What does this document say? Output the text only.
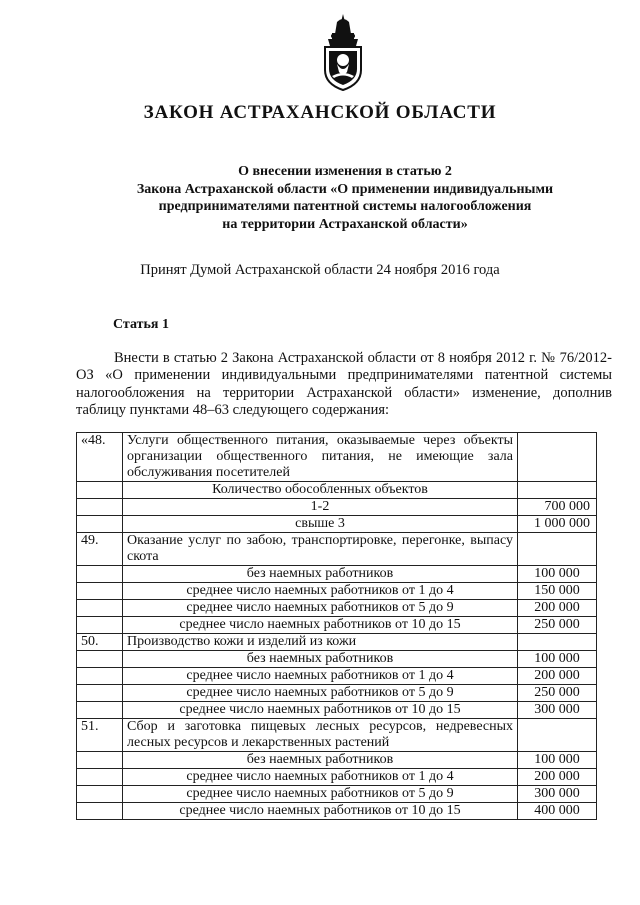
ЗАКОН АСТРАХАНСКОЙ ОБЛАСТИ
О внесении изменения в статью 2
Закона Астраханской области «О применении индивидуальными
предпринимателями патентной системы налогообложения
на территории Астраханской области»
Принят Думой Астраханской области 24 ноября 2016 года
Статья 1
Внести в статью 2 Закона Астраханской области от 8 ноября 2012 г. № 76/2012-ОЗ «О применении индивидуальными предпринимателями патентной системы налогообложения на территории Астраханской области» изменение, дополнив таблицу пунктами 48–63 следующего содержания:
«48.	Услуги общественного питания, оказываемые через объекты организации общественного питания, не имеющие зала обслуживания посетителей	
	Количество обособленных объектов	
	1-2	700 000
	свыше 3	1 000 000
49.	Оказание услуг по забою, транспортировке, перегонке, выпасу скота	
	без наемных работников	100 000
	среднее число наемных работников от 1 до 4	150 000
	среднее число наемных работников от 5 до 9	200 000
	среднее число наемных работников от 10 до 15	250 000
50.	Производство кожи и изделий из кожи	
	без наемных работников	100 000
	среднее число наемных работников от 1 до 4	200 000
	среднее число наемных работников от 5 до 9	250 000
	среднее число наемных работников от 10 до 15	300 000
51.	Сбор и заготовка пищевых лесных ресурсов, недревесных лесных ресурсов и лекарственных растений	
	без наемных работников	100 000
	среднее число наемных работников от 1 до 4	200 000
	среднее число наемных работников от 5 до 9	300 000
	среднее число наемных работников от 10 до 15	400 000
